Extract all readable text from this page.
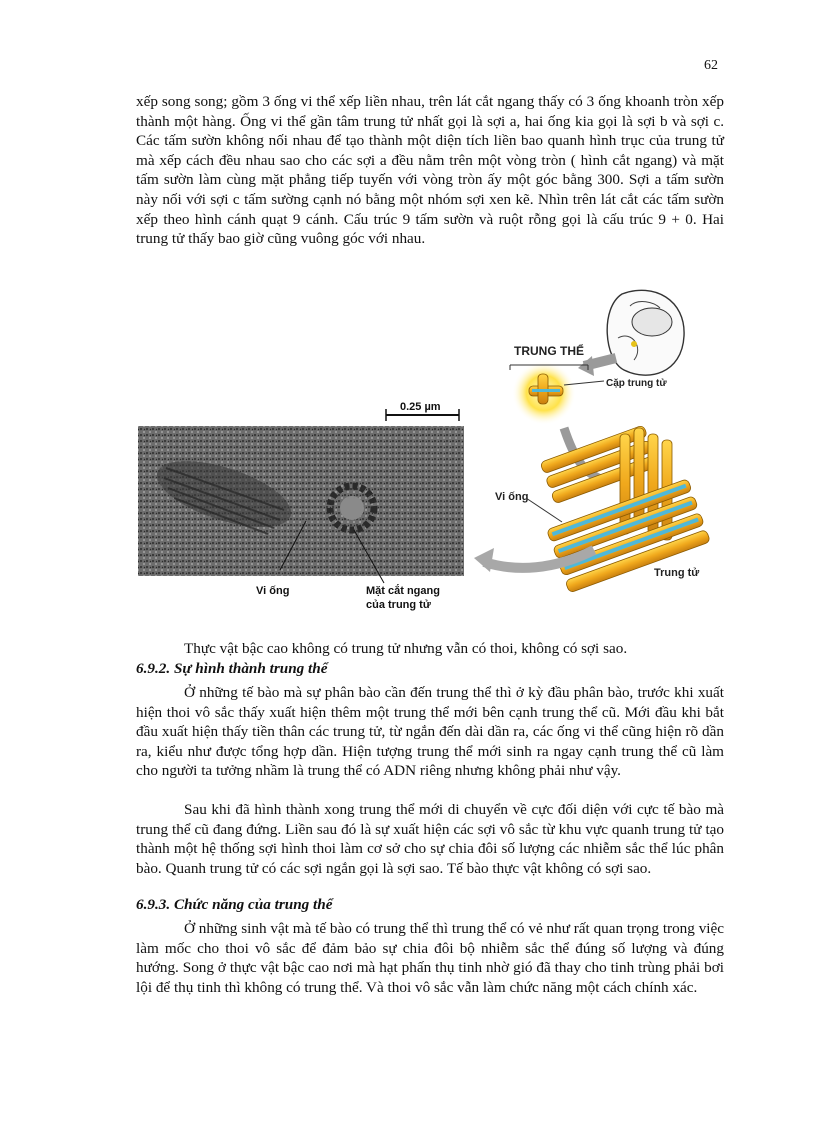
62

xếp song song; gồm 3 ống vi thể xếp liền nhau, trên lát cắt ngang thấy có 3 ống khoanh tròn xếp thành một hàng. Ống vi thể gần tâm trung tử nhất gọi là sợi a, hai ống kia gọi là sợi b và sợi c. Các tấm sườn không nối nhau để tạo thành một diện tích liền bao quanh hình trục của trung tử mà xếp cách đều nhau sao cho các sợi a đều nằm trên một vòng tròn ( hình cắt ngang) và mặt tấm sườn làm cùng mặt phẳng tiếp tuyến với vòng tròn ấy một góc bằng 300. Sợi a tấm sườn này nối với sợi c tấm sường cạnh nó bằng một nhóm sợi xen kẽ. Nhìn trên lát cắt các tấm sườn xếp theo hình cánh quạt 9 cánh. Cấu trúc 9 tấm sườn và ruột rỗng gọi là cấu trúc 9 + 0. Hai trung tử thấy bao giờ cũng vuông góc với nhau.

0.25 µm
Vi ống	Mặt cắt ngang
của trung tử
TRUNG THỂ
Cặp trung tử
Vi ống
Trung tử
Thực vật bậc cao không có trung tử nhưng vẫn có thoi, không có sợi sao.
6.9.2. Sự hình thành trung thể

Ở những tế bào mà sự phân bào cần đến trung thể thì ở kỳ đầu phân bào, trước khi xuất hiện thoi vô sắc thấy xuất hiện thêm một trung thể mới bên cạnh trung thể cũ. Mới đầu khi bắt đầu xuất hiện thấy tiền thân các trung tử, từ ngắn đến dài dần ra, các ống vi thể cũng hiện rõ dần ra, kiểu như được tổng hợp dần. Hiện tượng trung thể mới sinh ra ngay cạnh trung thể cũ làm cho người ta tưởng nhầm là trung thể có ADN riêng nhưng không phải như vậy.

Sau khi đã hình thành xong trung thể mới di chuyển về cực đối diện với cực tế bào mà trung thể cũ đang đứng. Liền sau đó là sự xuất hiện các sợi vô sắc từ khu vực quanh trung tử tạo thành một hệ thống sợi hình thoi làm cơ sở cho sự chia đôi số lượng các nhiễm sắc thể lúc phân bào. Quanh trung tử có các sợi ngắn gọi là sợi sao. Tế bào thực vật không có sợi sao.

6.9.3. Chức năng của trung thể

Ở những sinh vật mà tế bào có trung thể thì trung thể có vẻ như rất quan trọng trong việc làm mốc cho thoi vô sắc để đảm bảo sự chia đôi bộ nhiễm sắc thể đúng số lượng và đúng hướng. Song ở thực vật bậc cao nơi mà hạt phấn thụ tinh nhờ gió đã thay cho tinh trùng phải bơi lội để thụ tinh thì không có trung thể. Và thoi vô sắc vẫn làm chức năng một cách chính xác.
